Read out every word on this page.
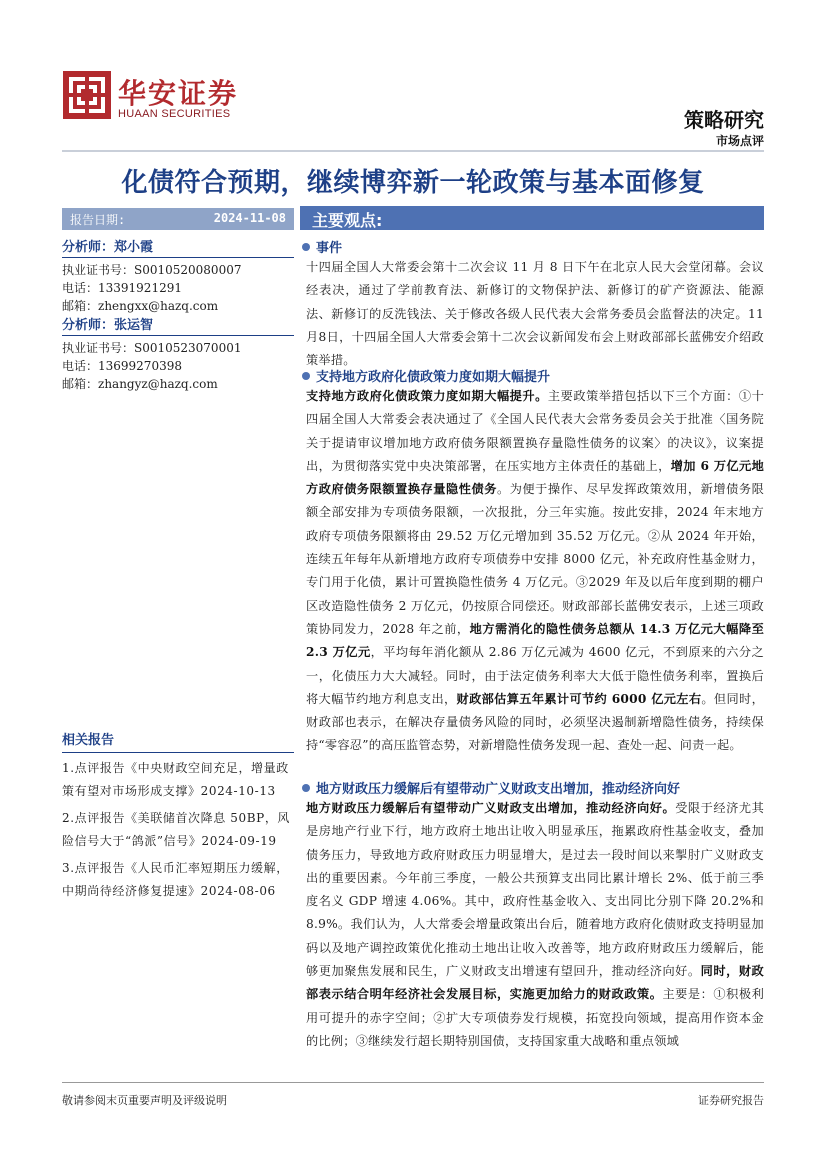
华安证券
HUAAN SECURITIES	策略研究
市场点评
化债符合预期，继续博弈新一轮政策与基本面修复
报告日期:	2024-11-08 主要观点:
分析师：郑小霞
执业证书号：S0010520080007
电话：13391921291
邮箱：zhengxx@hazq.com
分析师：张运智
执业证书号：S0010523070001
电话：13699270398
邮箱：zhangyz@hazq.com
相关报告
1.点评报告《中央财政空间充足，增量政策有望对市场形成支撑》2024-10-13
2.点评报告《美联储首次降息 50BP，风险信号大于“鸽派”信号》2024-09-19
3.点评报告《人民币汇率短期压力缓解，中期尚待经济修复提速》2024-08-06
事件
十四届全国人大常委会第十二次会议 11 月 8 日下午在北京人民大会堂闭幕。会议经表决，通过了学前教育法、新修订的文物保护法、新修订的矿产资源法、能源法、新修订的反洗钱法、关于修改各级人民代表大会常务委员会监督法的决定。11月8日，十四届全国人大常委会第十二次会议新闻发布会上财政部部长蓝佛安介绍政策举措。
支持地方政府化债政策力度如期大幅提升
支持地方政府化债政策力度如期大幅提升。主要政策举措包括以下三个方面：①十四届全国人大常委会表决通过了《全国人民代表大会常务委员会关于批准〈国务院关于提请审议增加地方政府债务限额置换存量隐性债务的议案〉的决议》，议案提出，为贯彻落实党中央决策部署，在压实地方主体责任的基础上，增加 6 万亿元地方政府债务限额置换存量隐性债务。为便于操作、尽早发挥政策效用，新增债务限额全部安排为专项债务限额，一次报批，分三年实施。按此安排，2024 年末地方政府专项债务限额将由 29.52 万亿元增加到 35.52 万亿元。②从 2024 年开始，连续五年每年从新增地方政府专项债券中安排 8000 亿元，补充政府性基金财力，专门用于化债，累计可置换隐性债务 4 万亿元。③2029 年及以后年度到期的棚户区改造隐性债务 2 万亿元，仍按原合同偿还。财政部部长蓝佛安表示，上述三项政策协同发力，2028 年之前，地方需消化的隐性债务总额从 14.3 万亿元大幅降至 2.3 万亿元，平均每年消化额从 2.86 万亿元减为 4600 亿元，不到原来的六分之一，化债压力大大减轻。同时，由于法定债务利率大大低于隐性债务利率，置换后将大幅节约地方利息支出，财政部估算五年累计可节约 6000 亿元左右。但同时，财政部也表示，在解决存量债务风险的同时，必须坚决遏制新增隐性债务，持续保持“零容忍”的高压监管态势，对新增隐性债务发现一起、查处一起、问责一起。
地方财政压力缓解后有望带动广义财政支出增加，推动经济向好
地方财政压力缓解后有望带动广义财政支出增加，推动经济向好。受限于经济尤其是房地产行业下行，地方政府土地出让收入明显承压，拖累政府性基金收支，叠加债务压力，导致地方政府财政压力明显增大，是过去一段时间以来掣肘广义财政支出的重要因素。今年前三季度，一般公共预算支出同比累计增长 2%、低于前三季度名义 GDP 增速 4.06%。其中，政府性基金收入、支出同比分别下降 20.2%和 8.9%。我们认为，人大常委会增量政策出台后，随着地方政府化债财政支持明显加码以及地产调控政策优化推动土地出让收入改善等，地方政府财政压力缓解后，能够更加聚焦发展和民生，广义财政支出增速有望回升，推动经济向好。同时，财政部表示结合明年经济社会发展目标，实施更加给力的财政政策。主要是：①积极利用可提升的赤字空间；②扩大专项债券发行规模，拓宽投向领域，提高用作资本金的比例；③继续发行超长期特别国债，支持国家重大战略和重点领域
敬请参阅末页重要声明及评级说明	证券研究报告
